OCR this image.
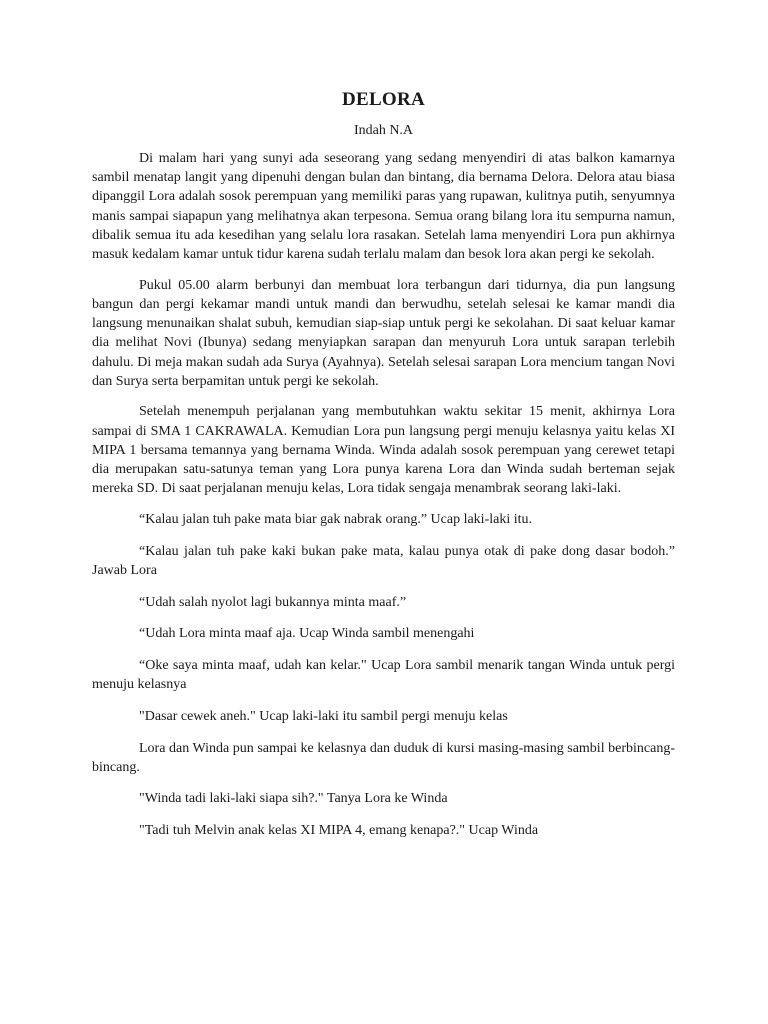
DELORA
Indah N.A

Di malam hari yang sunyi ada seseorang yang sedang menyendiri di atas balkon kamarnya sambil menatap langit yang dipenuhi dengan bulan dan bintang, dia bernama Delora. Delora atau biasa dipanggil Lora adalah sosok perempuan yang memiliki paras yang rupawan, kulitnya putih, senyumnya manis sampai siapapun yang melihatnya akan terpesona. Semua orang bilang lora itu sempurna namun, dibalik semua itu ada kesedihan yang selalu lora rasakan. Setelah lama menyendiri Lora pun akhirnya masuk kedalam kamar untuk tidur karena sudah terlalu malam dan besok lora akan pergi ke sekolah.

Pukul 05.00 alarm berbunyi dan membuat lora terbangun dari tidurnya, dia pun langsung bangun dan pergi kekamar mandi untuk mandi dan berwudhu, setelah selesai ke kamar mandi dia langsung menunaikan shalat subuh, kemudian siap-siap untuk pergi ke sekolahan. Di saat keluar kamar dia melihat Novi (Ibunya) sedang menyiapkan sarapan dan menyuruh Lora untuk sarapan terlebih dahulu. Di meja makan sudah ada Surya (Ayahnya). Setelah selesai sarapan Lora mencium tangan Novi dan Surya serta berpamitan untuk pergi ke sekolah.

Setelah menempuh perjalanan yang membutuhkan waktu sekitar 15 menit, akhirnya Lora sampai di SMA 1 CAKRAWALA. Kemudian Lora pun langsung pergi menuju kelasnya yaitu kelas XI MIPA 1 bersama temannya yang bernama Winda. Winda adalah sosok perempuan yang cerewet tetapi dia merupakan satu-satunya teman yang Lora punya karena Lora dan Winda sudah berteman sejak mereka SD. Di saat perjalanan menuju kelas, Lora tidak sengaja menambrak seorang laki-laki.

“Kalau jalan tuh pake mata biar gak nabrak orang.” Ucap laki-laki itu.

“Kalau jalan tuh pake kaki bukan pake mata, kalau punya otak di pake dong dasar bodoh.” Jawab Lora

“Udah salah nyolot lagi bukannya minta maaf.”

“Udah Lora minta maaf aja. Ucap Winda sambil menengahi

“Oke saya minta maaf, udah kan kelar." Ucap Lora sambil menarik tangan Winda untuk pergi menuju kelasnya

"Dasar cewek aneh." Ucap laki-laki itu sambil pergi menuju kelas

Lora dan Winda pun sampai ke kelasnya dan duduk di kursi masing-masing sambil berbincang-bincang.

"Winda tadi laki-laki siapa sih?." Tanya Lora ke Winda

"Tadi tuh Melvin anak kelas XI MIPA 4, emang kenapa?." Ucap Winda
